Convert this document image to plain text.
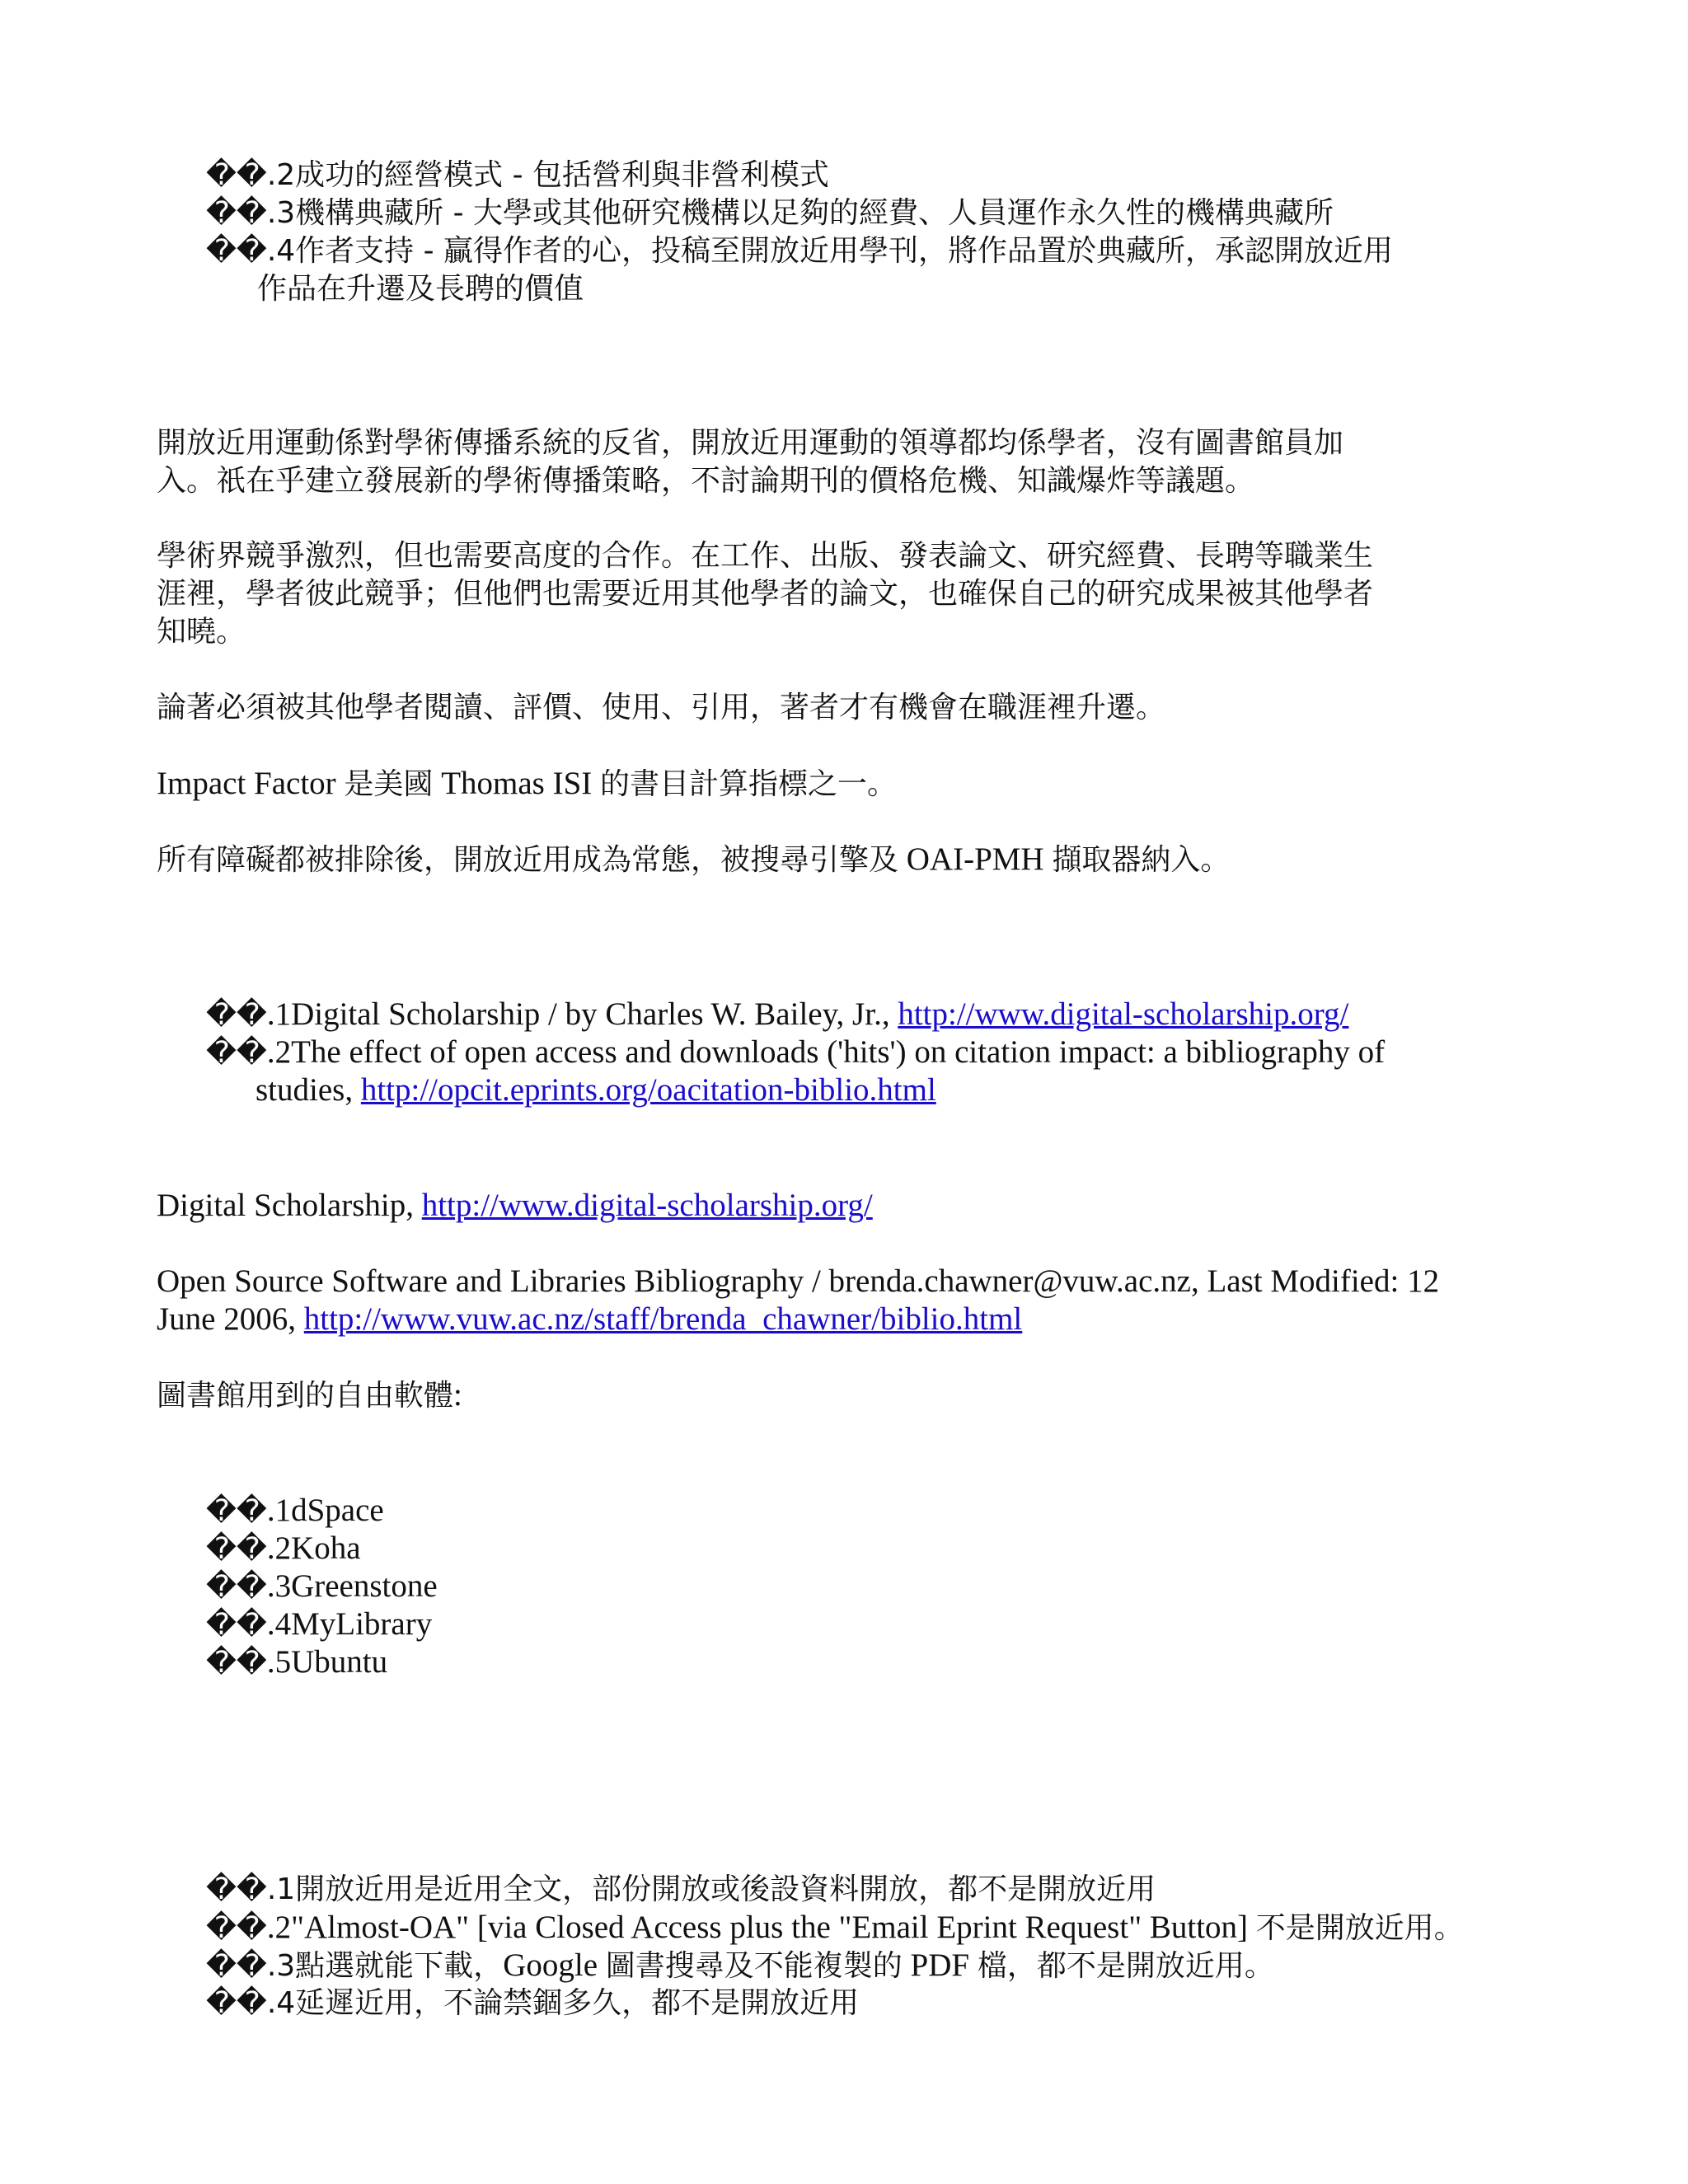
��.2成功的經營模式 - 包括營利與非營利模式
��.3機構典藏所 - 大學或其他研究機構以足夠的經費、人員運作永久性的機構典藏所
��.4作者支持 - 贏得作者的心，投稿至開放近用學刊，將作品置於典藏所，承認開放近用
作品在升遷及長聘的價值
開放近用運動係對學術傳播系統的反省，開放近用運動的領導都均係學者，沒有圖書館員加
入。祇在乎建立發展新的學術傳播策略，不討論期刊的價格危機、知識爆炸等議題。
學術界競爭激烈，但也需要高度的合作。在工作、出版、發表論文、研究經費、長聘等職業生
涯裡，學者彼此競爭；但他們也需要近用其他學者的論文，也確保自己的研究成果被其他學者
知曉。
論著必須被其他學者閱讀、評價、使用、引用，著者才有機會在職涯裡升遷。
Impact Factor 是美國 Thomas ISI 的書目計算指標之一。
所有障礙都被排除後，開放近用成為常態，被搜尋引擎及 OAI-PMH 擷取器納入。
��.1Digital Scholarship / by Charles W. Bailey, Jr., http://www.digital-scholarship.org/
��.2The effect of open access and downloads ('hits') on citation impact: a bibliography of
studies, http://opcit.eprints.org/oacitation-biblio.html
Digital Scholarship, http://www.digital-scholarship.org/
Open Source Software and Libraries Bibliography / brenda.chawner@vuw.ac.nz, Last Modified: 12
June 2006, http://www.vuw.ac.nz/staff/brenda_chawner/biblio.html
圖書館用到的自由軟體:
��.1dSpace
��.2Koha
��.3Greenstone
��.4MyLibrary
��.5Ubuntu
��.1開放近用是近用全文，部份開放或後設資料開放，都不是開放近用
��.2"Almost-OA" [via Closed Access plus the "Email Eprint Request" Button] 不是開放近用。
��.3點選就能下載，Google 圖書搜尋及不能複製的 PDF 檔，都不是開放近用。
��.4延遲近用，不論禁錮多久，都不是開放近用
